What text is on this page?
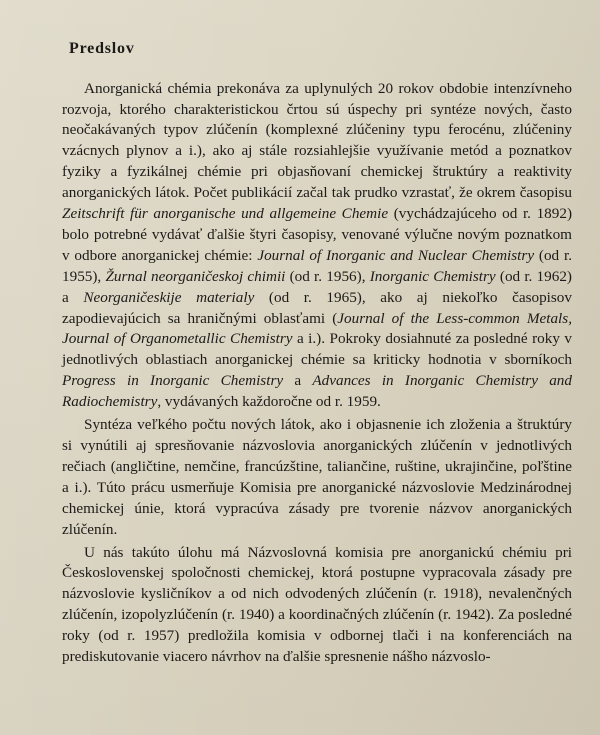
Predslov

Anorganická chémia prekonáva za uplynulých 20 rokov obdobie intenzívneho rozvoja, ktorého charakteristickou črtou sú úspechy pri syntéze nových, často neočakávaných typov zlúčenín (komplexné zlúčeniny typu ferocénu, zlúčeniny vzácnych plynov a i.), ako aj stále rozsiahlejšie využívanie metód a poznatkov fyziky a fyzikálnej chémie pri objasňovaní chemickej štruktúry a reaktivity anorganických látok. Počet publikácií začal tak prudko vzrastať, že okrem časopisu Zeitschrift für anorganische und allgemeine Chemie (vychádzajúceho od r. 1892) bolo potrebné vydávať ďalšie štyri časopisy, venované výlučne novým poznatkom v odbore anorganickej chémie: Journal of Inorganic and Nuclear Chemistry (od r. 1955), Žurnal neorganičeskoj chimii (od r. 1956), Inorganic Chemistry (od r. 1962) a Neorganičeskije materialy (od r. 1965), ako aj niekoľko časopisov zapodievajúcich sa hraničnými oblasťami (Journal of the Less-common Metals, Journal of Organometallic Chemistry a i.). Pokroky dosiahnuté za posledné roky v jednotlivých oblastiach anorganickej chémie sa kriticky hodnotia v sborníkoch Progress in Inorganic Chemistry a Advances in Inorganic Chemistry and Radiochemistry, vydávaných každoročne od r. 1959.

Syntéza veľkého počtu nových látok, ako i objasnenie ich zloženia a štruktúry si vynútili aj spresňovanie názvoslovia anorganických zlúčenín v jednotlivých rečiach (angličtine, nemčine, francúzštine, taliančine, ruštine, ukrajinčine, poľštine a i.). Túto prácu usmerňuje Komisia pre anorganické názvoslovie Medzinárodnej chemickej únie, ktorá vypracúva zásady pre tvorenie názvov anorganických zlúčenín.

U nás takúto úlohu má Názvoslovná komisia pre anorganickú chémiu pri Československej spoločnosti chemickej, ktorá postupne vypracovala zásady pre názvoslovie kysličníkov a od nich odvodených zlúčenín (r. 1918), nevalenčných zlúčenín, izopolyzlúčenín (r. 1940) a koordinačných zlúčenín (r. 1942). Za posledné roky (od r. 1957) predložila komisia v odbornej tlači i na konferenciách na prediskutovanie viacero návrhov na ďalšie spresnenie nášho názvoslo-
